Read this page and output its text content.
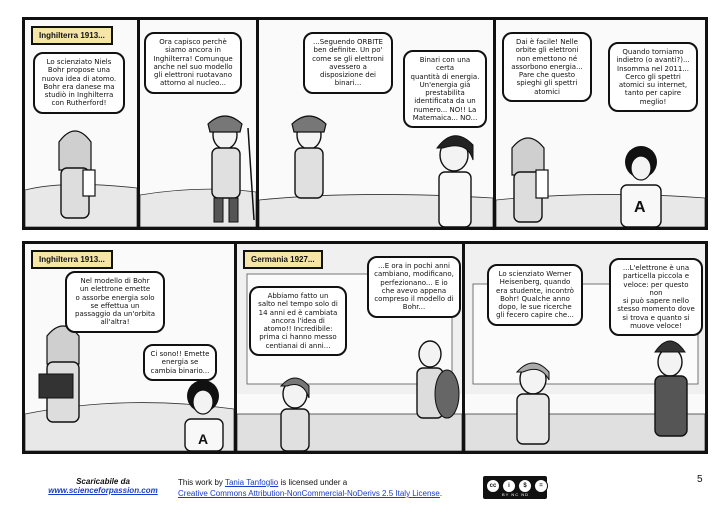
Inghilterra 1913...
Lo scienziato Niels
Bohr propose una
nuova idea di atomo.
Bohr era danese ma
studiò in Inghilterra
con Rutherford!
Ora capisco perchè
siamo ancora in
Inghilterra! Comunque
anche nel suo modello
gli elettroni ruotavano
attorno al nucleo...
...Seguendo ORBITE
ben definite. Un po'
come se gli elettroni
avessero a
disposizione dei
binari...
Binari con una certa
quantità di energia.
Un'energia già
prestabilita
identificata da un
numero... NO!! La
Matemaica... NO...
A
Dai è facile! Nelle
orbite gli elettroni
non emettono né
assorbono energia...
Pare che questo
spieghi gli spettri
atomici
Quando torniamo
indietro (o avanti?)...
Insomma nel 2011...
Cerco gli spettri
atomici su internet,
tanto per capire
meglio!
A
Inghilterra 1913...
Nel modello di Bohr
un elettrone emette
o assorbe energia solo
se effettua un
passaggio da un'orbita
all'altra!
Ci sono!! Emette
energia se
cambia binario...
Germania 1927...
Abbiamo fatto un
salto nel tempo solo di
14 anni ed è cambiata
ancora l'idea di
atomo!! Incredibile:
prima ci hanno messo
centianai di anni...
...E ora in pochi anni
cambiano, modificano,
perfezionano... E io
che avevo appena
compreso il modello di
Bohr...
Lo scienziato Werner
Heisenberg, quando
era studente, incontrò
Bohr! Qualche anno
dopo, le sue ricerche
gli fecero capire che...
...L'elettrone è una
particella piccola e
veloce: per questo non
si può sapere nello
stesso momento dove
si trova e quanto si
muove veloce!
Scaricabile da
www.scienceforpassion.com
This work by Tania Tanfoglio is licensed under a
Creative Commons Attribution-NonCommercial-NoDerivs 2.5 Italy License.
cc	i	$	=
BY NC ND
5
